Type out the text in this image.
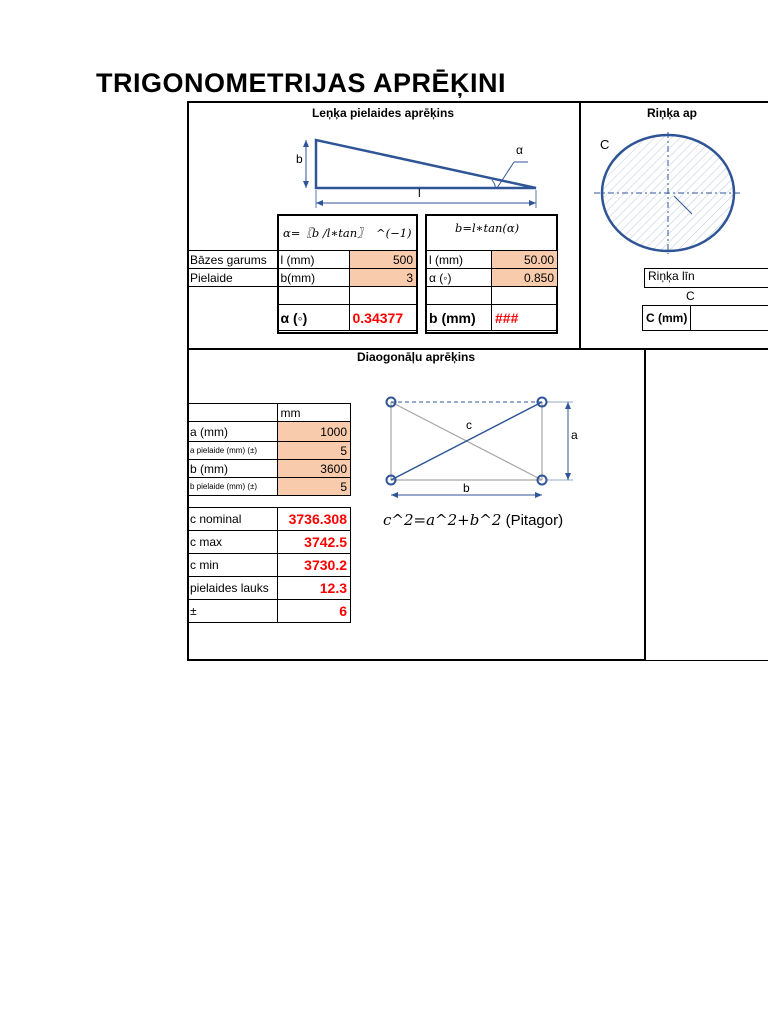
TRIGONOMETRIJAS APRĒĶINI
Leņķa pielaides aprēķins
b
α
l
α=〖b /l∗tan〗  ^(−1)	b=l∗tan(α)
Bāzes garums	l (mm)	500
Pielaide	b(mm)	3

	α (◦)	0.34377
l (mm)	50.00
α (◦)	0.850

b (mm)	###
Riņķa ap
C
Riņķa līn
C
C (mm)
Diaogonāļu aprēķins
	mm
a (mm)	1000
a pielaide (mm) (±)	5
b (mm)	3600
b pielaide (mm) (±)	5
c nominal	3736.308
c max	3742.5
c min	3730.2
pielaides lauks	12.3
±	6
c
a
b
c^2=a^2+b^2 (Pitagor)
